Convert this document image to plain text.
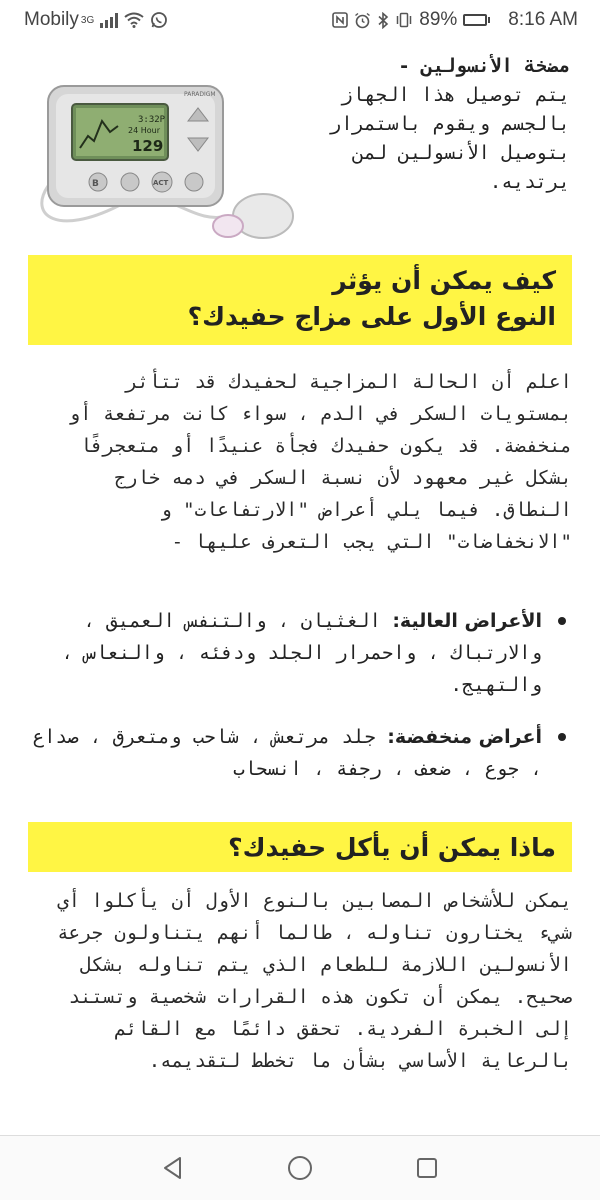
Mobily 3G	89%	8:16 AM
مضخة الأنسولين -
يتم توصيل هذا الجهاز بالجسم ويقوم باستمرار بتوصيل الأنسولين لمن يرتديه.
3:32P
24 Hour
129
PARADIGM
B	ACT
كيف يمكن أن يؤثر
النوع الأول على مزاج حفيدك؟

اعلم أن الحالة المزاجية لحفيدك قد تتأثر بمستويات السكر في الدم ، سواء كانت مرتفعة أو منخفضة. قد يكون حفيدك فجأة عنيدًا أو متعجرفًا بشكل غير معهود لأن نسبة السكر في دمه خارج النطاق. فيما يلي أعراض "الارتفاعات" و "الانخفاضات" التي يجب التعرف عليها -

الأعراض العالية: الغثيان ، والتنفس العميق ، والارتباك ، واحمرار الجلد ودفئه ، والنعاس ، والتهيج.
أعراض منخفضة: جلد مرتعش ، شاحب ومتعرق ، صداع ، جوع ، ضعف ، رجفة ، انسحاب
ماذا يمكن أن يأكل حفيدك؟

يمكن للأشخاص المصابين بالنوع الأول أن يأكلوا أي شيء يختارون تناوله ، طالما أنهم يتناولون جرعة الأنسولين اللازمة للطعام الذي يتم تناوله بشكل صحيح. يمكن أن تكون هذه القرارات شخصية وتستند إلى الخبرة الفردية. تحقق دائمًا مع القائم بالرعاية الأساسي بشأن ما تخطط لتقديمه.
